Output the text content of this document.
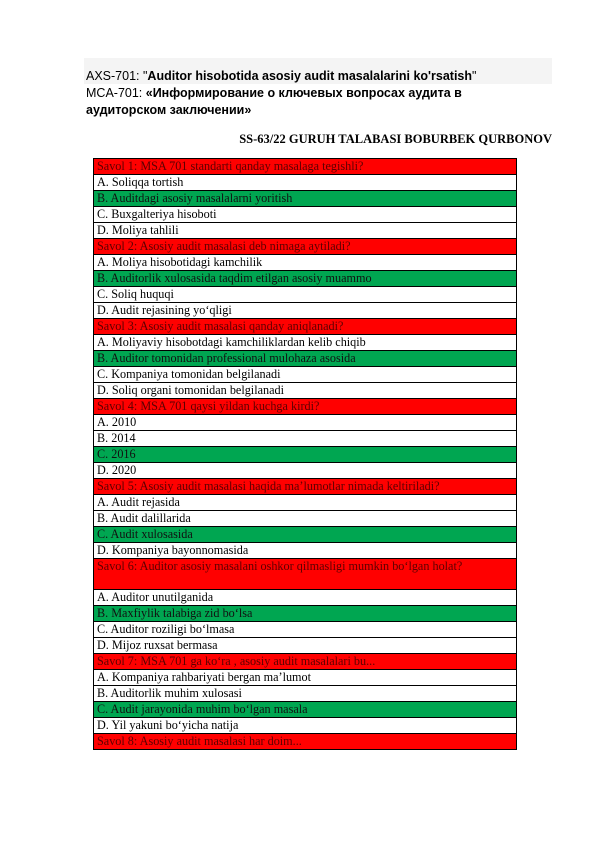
AXS-701: "Auditor hisobotida asosiy audit masalalarini ko'rsatish"
MCA-701: «Информирование о ключевых вопросах аудита в аудиторском заключении»
SS-63/22 GURUH TALABASI BOBURBEK QURBONOV
Savol 1: MSA 701 standarti qanday masalaga tegishli?
A. Soliqqa tortish
B. Auditdagi asosiy masalalarni yoritish
C. Buxgalteriya hisoboti
D. Moliya tahlili
Savol 2: Asosiy audit masalasi deb nimaga aytiladi?
A. Moliya hisobotidagi kamchilik
B. Auditorlik xulosasida taqdim etilgan asosiy muammo
C. Soliq huquqi
D. Audit rejasining yo‘qligi
Savol 3: Asosiy audit masalasi qanday aniqlanadi?
A. Moliyaviy hisobotdagi kamchiliklardan kelib chiqib
B. Auditor tomonidan professional mulohaza asosida
C. Kompaniya tomonidan belgilanadi
D. Soliq organi tomonidan belgilanadi
Savol 4: MSA 701 qaysi yildan kuchga kirdi?
A. 2010
B. 2014
C. 2016
D. 2020
Savol 5: Asosiy audit masalasi haqida ma’lumotlar nimada keltiriladi?
A. Audit rejasida
B. Audit dalillarida
C. Audit xulosasida
D. Kompaniya bayonnomasida
Savol 6: Auditor asosiy masalani oshkor qilmasligi mumkin bo‘lgan holat?
A. Auditor unutilganida
B. Maxfiylik talabiga zid bo‘lsa
C. Auditor roziligi bo‘lmasa
D. Mijoz ruxsat bermasa
Savol 7: MSA 701 ga ko‘ra , asosiy audit masalalari bu...
A. Kompaniya rahbariyati bergan ma’lumot
B. Auditorlik muhim xulosasi
C. Audit jarayonida muhim bo‘lgan masala
D. Yil yakuni bo‘yicha natija
Savol 8: Asosiy audit masalasi har doim...
